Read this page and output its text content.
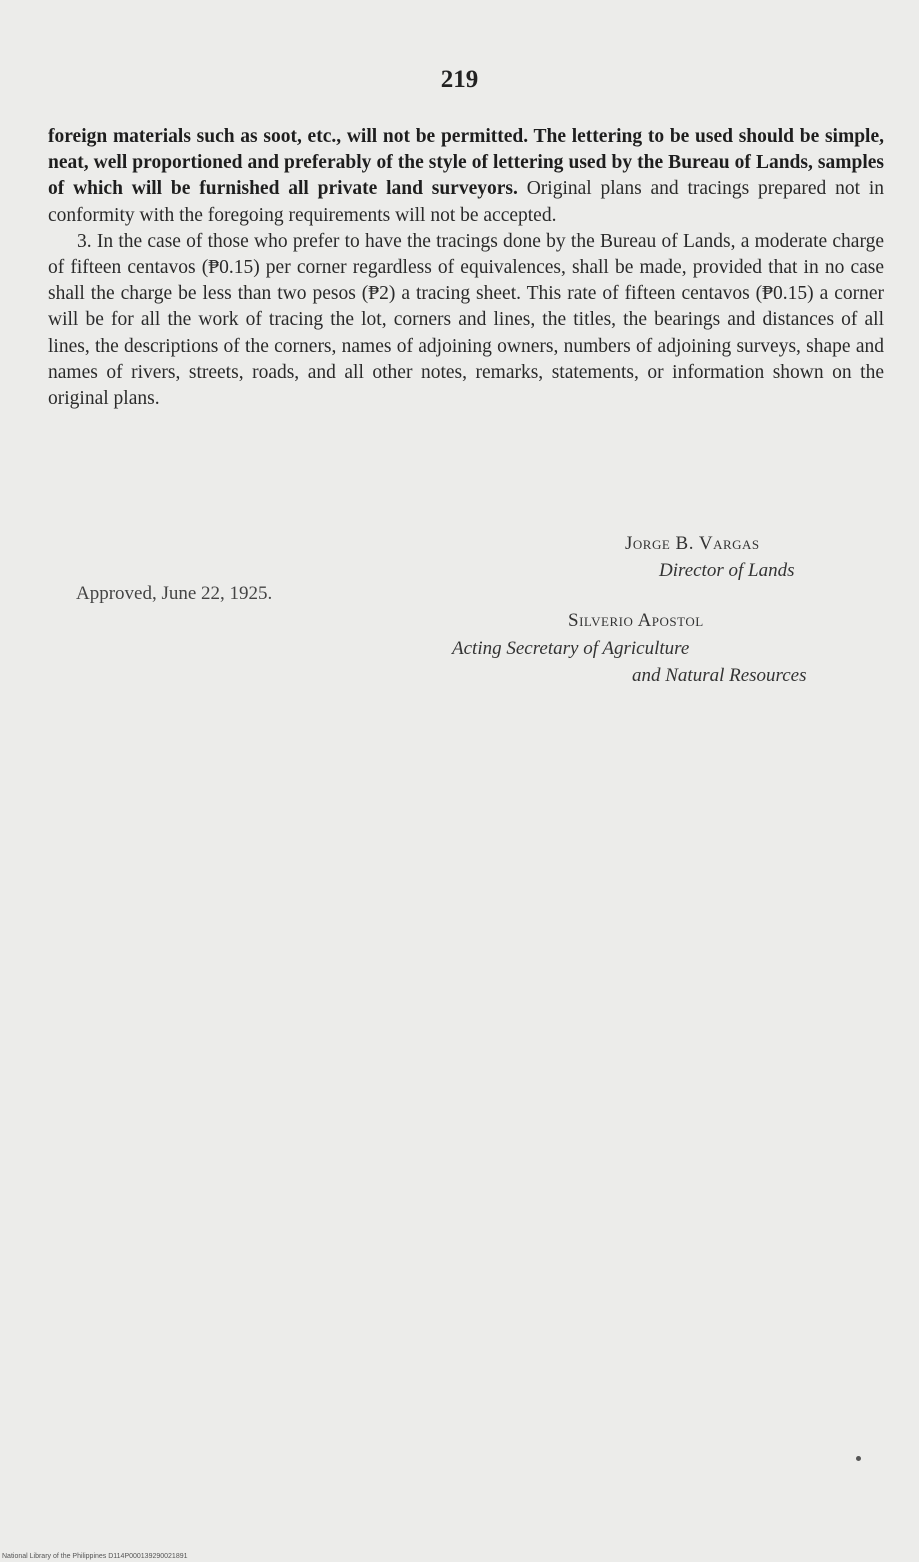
219

foreign materials such as soot, etc., will not be permitted. The lettering to be used should be simple, neat, well proportioned and preferably of the style of lettering used by the Bureau of Lands, samples of which will be furnished all private land surveyors. Original plans and tracings prepared not in conformity with the foregoing requirements will not be accepted.

3. In the case of those who prefer to have the tracings done by the Bureau of Lands, a moderate charge of fifteen centavos (₱0.15) per corner regardless of equivalences, shall be made, provided that in no case shall the charge be less than two pesos (₱2) a tracing sheet. This rate of fifteen centavos (₱0.15) a corner will be for all the work of tracing the lot, corners and lines, the titles, the bearings and distances of all lines, the descriptions of the corners, names of adjoining owners, numbers of adjoining surveys, shape and names of rivers, streets, roads, and all other notes, remarks, statements, or information shown on the original plans.

Jorge B. Vargas
Director of Lands
Approved, June 22, 1925.
Silverio Apostol
Acting Secretary of Agriculture
and Natural Resources
National Library of the Philippines D114P000139290021891
